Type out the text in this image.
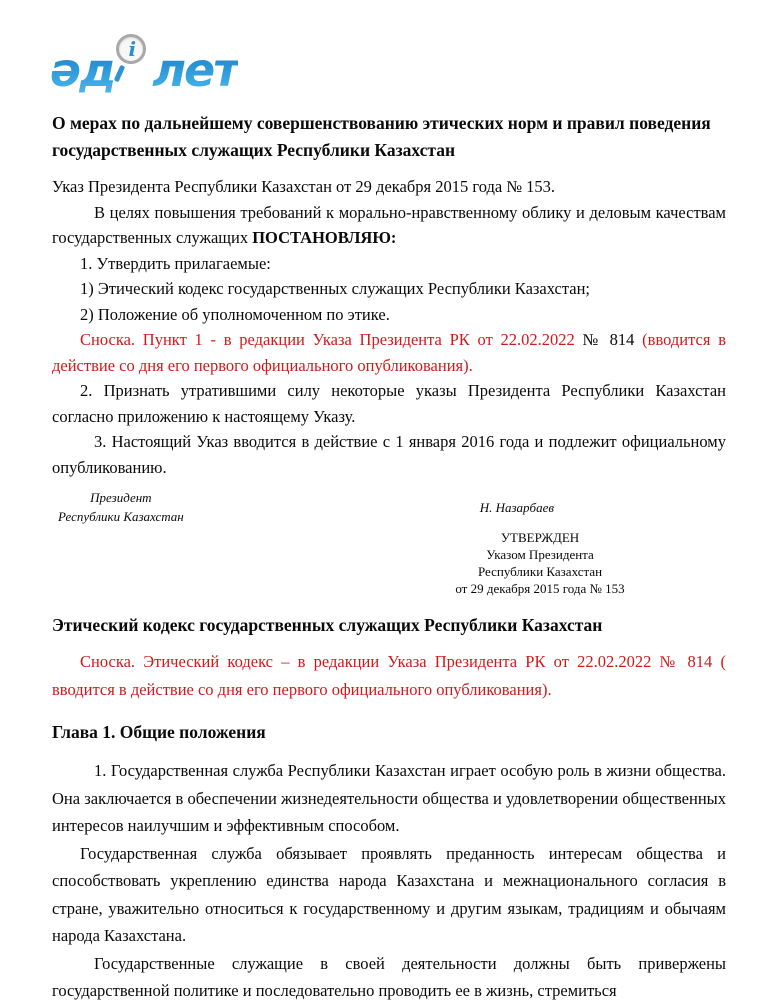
әд i лет
О мерах по дальнейшему совершенствованию этических норм и правил поведения государственных служащих Республики Казахстан

Указ Президента Республики Казахстан от 29 декабря 2015 года № 153.

В целях повышения требований к морально-нравственному облику и деловым качествам государственных служащих ПОСТАНОВЛЯЮ:

1. Утвердить прилагаемые:

1) Этический кодекс государственных служащих Республики Казахстан;

2) Положение об уполномоченном по этике.

Сноска. Пункт 1 - в редакции Указа Президента РК от 22.02.2022 № 814 (вводится в действие со дня его первого официального опубликования).

2. Признать утратившими силу некоторые указы Президента Республики Казахстан согласно приложению к настоящему Указу.

3. Настоящий Указ вводится в действие с 1 января 2016 года и подлежит официальному опубликованию.

Президент
Республики Казахстан
Н. Назарбаев
УТВЕРЖДЕН
Указом Президента
Республики Казахстан
от 29 декабря 2015 года № 153
Этический кодекс государственных служащих Республики Казахстан

Сноска. Этический кодекс – в редакции Указа Президента РК от 22.02.2022 № 814 ( вводится в действие со дня его первого официального опубликования).

Глава 1. Общие положения

1. Государственная служба Республики Казахстан играет особую роль в жизни общества. Она заключается в обеспечении жизнедеятельности общества и удовлетворении общественных интересов наилучшим и эффективным способом.

Государственная служба обязывает проявлять преданность интересам общества и способствовать укреплению единства народа Казахстана и межнационального согласия в стране, уважительно относиться к государственному и другим языкам, традициям и обычаям народа Казахстана.

Государственные служащие в своей деятельности должны быть привержены государственной политике и последовательно проводить ее в жизнь, стремиться
